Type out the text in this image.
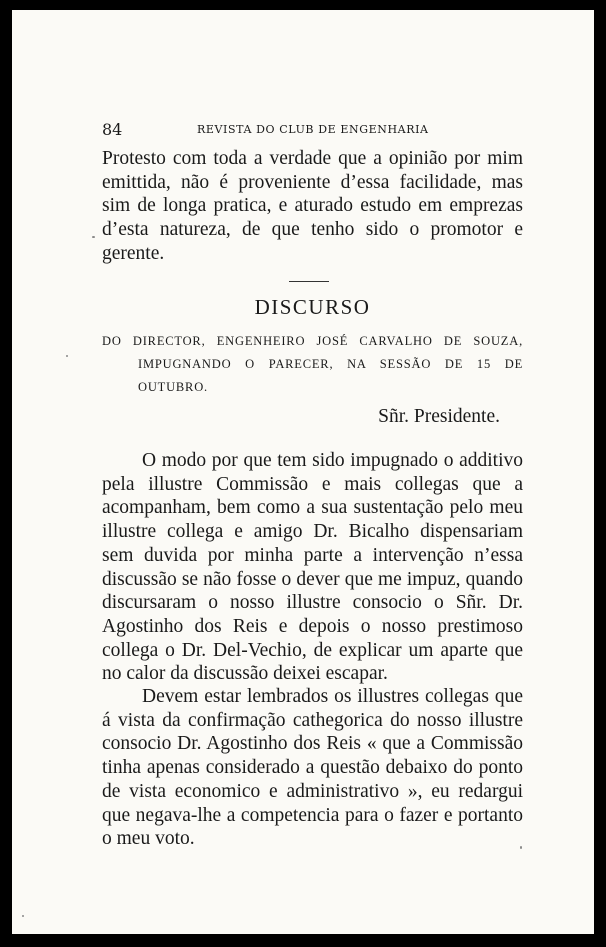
84	REVISTA DO CLUB DE ENGENHARIA

Protesto com toda a verdade que a opinião por mim emittida, não é proveniente d’essa facilidade, mas sim de longa pratica, e aturado estudo em emprezas d’esta natureza, de que tenho sido o promotor e gerente.

DISCURSO
DO DIRECTOR, ENGENHEIRO JOSÉ CARVALHO DE SOUZA, IMPUGNANDO O PARECER, NA SESSÃO DE 15 DE OUTUBRO.
Sñr. Presidente.

O modo por que tem sido impugnado o additivo pela illustre Commissão e mais collegas que a acompanham, bem como a sua sustentação pelo meu illustre collega e amigo Dr. Bicalho dispensariam sem duvida por minha parte a intervenção n’essa discussão se não fosse o dever que me impuz, quando discursaram o nosso illustre consocio o Sñr. Dr. Agostinho dos Reis e depois o nosso prestimoso collega o Dr. Del-Vechio, de explicar um aparte que no calor da discussão deixei escapar.

Devem estar lembrados os illustres collegas que á vista da confirmação cathegorica do nosso illustre consocio Dr. Agostinho dos Reis « que a Commissão tinha apenas considerado a questão debaixo do ponto de vista economico e administrativo », eu redargui que negava-lhe a competencia para o fazer e portanto o meu voto.
